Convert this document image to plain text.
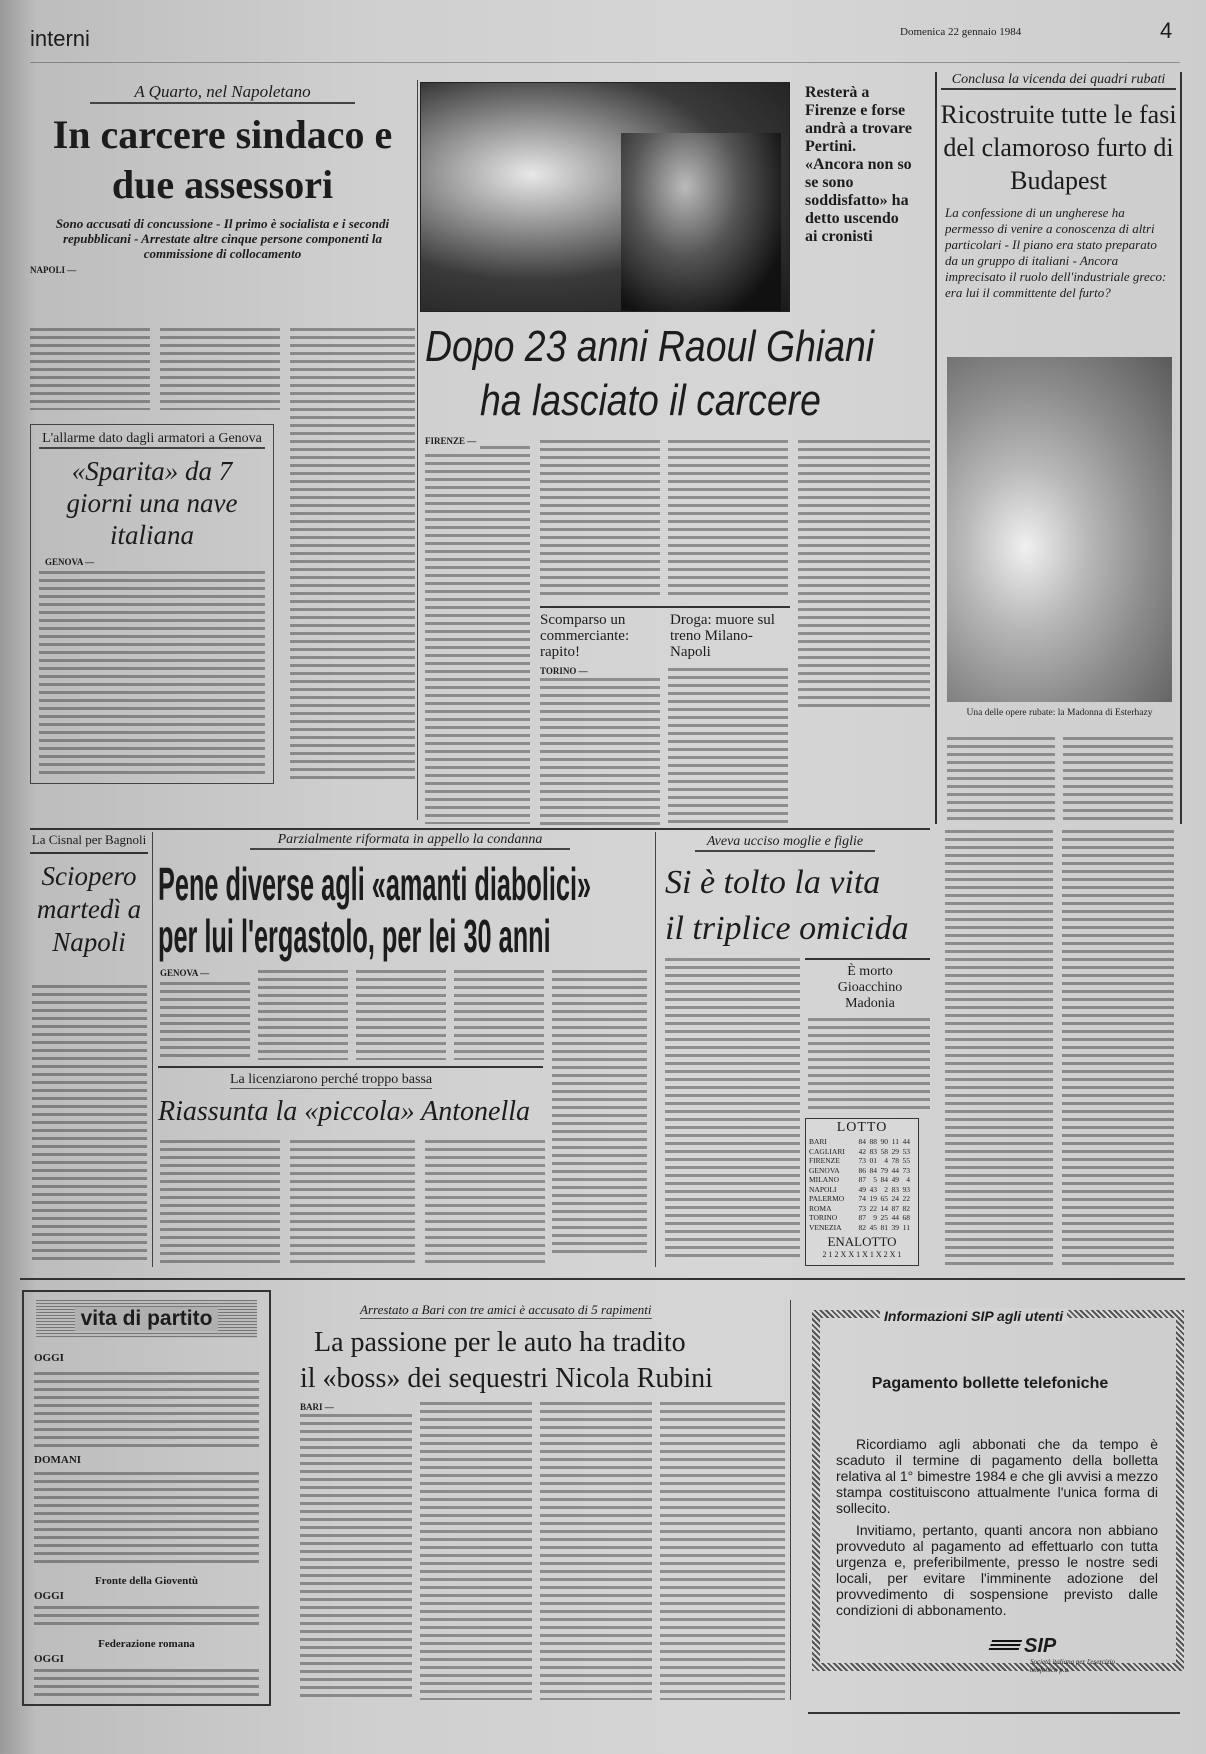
interni	Domenica 22 gennaio 1984	4
A Quarto, nel Napoletano
In carcere sindaco e due assessori
Sono accusati di concussione - Il primo è socialista e i secondi repubblicani - Arrestate altre cinque persone componenti la commissione di collocamento
NAPOLI —
L'allarme dato dagli armatori a Genova
«Sparita» da 7 giorni una nave italiana
GENOVA —
Resterà a Firenze e forse andrà a trovare Pertini. «Ancora non so se sono soddisfatto» ha detto uscendo ai cronisti
Dopo 23 anni Raoul Ghiani
ha lasciato il carcere
FIRENZE —
Scomparso un commerciante: rapito!
TORINO —
Droga: muore sul treno Milano-Napoli
Conclusa la vicenda dei quadri rubati
Ricostruite tutte le fasi del clamoroso furto di Budapest
La confessione di un ungherese ha permesso di venire a conoscenza di altri particolari - Il piano era stato preparato da un gruppo di italiani - Ancora imprecisato il ruolo dell'industriale greco: era lui il committente del furto?
Una delle opere rubate: la Madonna di Esterhazy
La Cisnal per Bagnoli
Sciopero martedì a Napoli
Parzialmente riformata in appello la condanna
Pene diverse agli «amanti diabolici»
per lui l'ergastolo, per lei 30 anni
GENOVA —
La licenziarono perché troppo bassa
Riassunta la «piccola» Antonella
Aveva ucciso moglie e figlie
Si è tolto la vita
il triplice omicida
È morto Gioacchino Madonia
LOTTO
BARI	84 88 90 11 44
CAGLIARI	42 83 58 29 53
FIRENZE	73 01 4 78 55
GENOVA	86 84 79 44 73
MILANO	87 5 84 49 4
NAPOLI	49 43 2 83 93
PALERMO	74 19 65 24 22
ROMA	73 22 14 87 82
TORINO	87 9 25 44 68
VENEZIA	82 45 81 39 11
ENALOTTO
2 1 2 X X 1 X 1 X 2 X 1
vita di partito
OGGI
DOMANI
Fronte della Gioventù
OGGI
Federazione romana
OGGI
Arrestato a Bari con tre amici è accusato di 5 rapimenti
La passione per le auto ha tradito
il «boss» dei sequestri Nicola Rubini
BARI —
Informazioni SIP agli utenti
Pagamento bollette telefoniche
Ricordiamo agli abbonati che da tempo è scaduto il termine di pagamento della bolletta relativa al 1° bimestre 1984 e che gli avvisi a mezzo stampa costituiscono attualmente l'unica forma di sollecito.
Invitiamo, pertanto, quanti ancora non abbiano provveduto al pagamento ad effettuarlo con tutta urgenza e, preferibilmente, presso le nostre sedi locali, per evitare l'imminente adozione del provvedimento di sospensione previsto dalle condizioni di abbonamento.
SIP
Società italiana per l'esercizio telefonico p.a.
